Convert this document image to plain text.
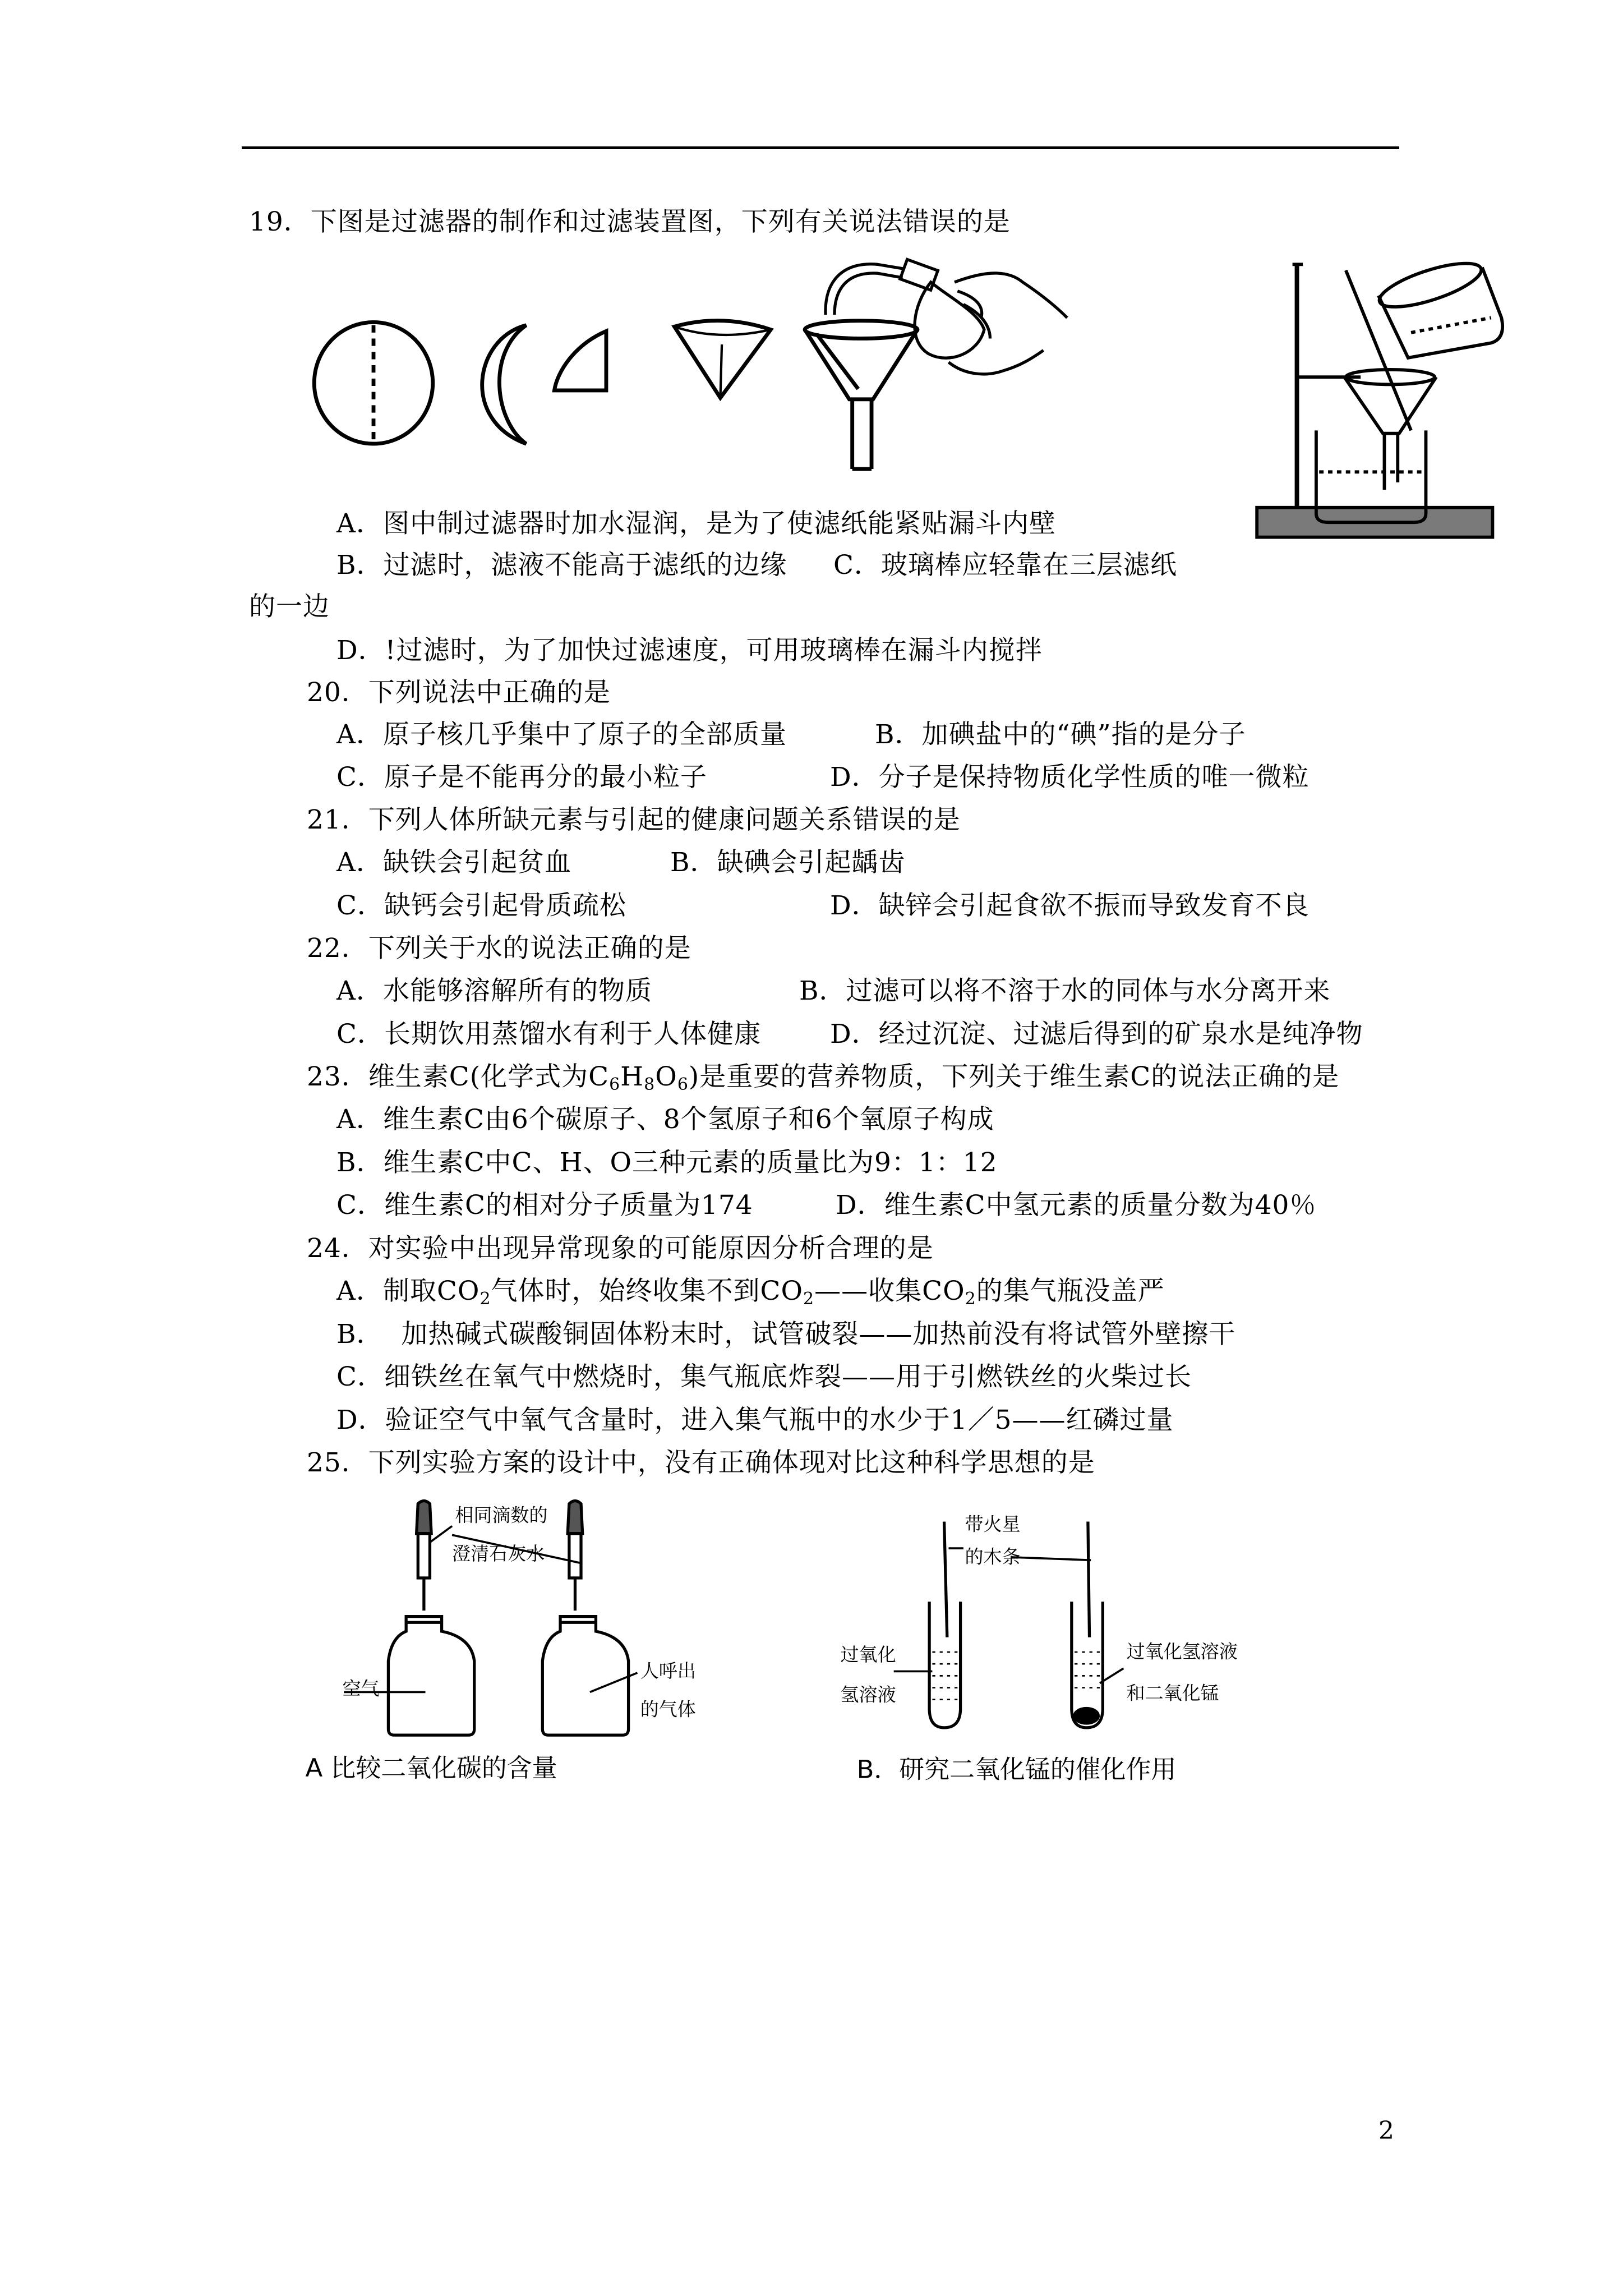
19．下图是过滤器的制作和过滤装置图，下列有关说法错误的是
A．图中制过滤器时加水湿润，是为了使滤纸能紧贴漏斗内壁
B．过滤时，滤液不能高于滤纸的边缘 C．玻璃棒应轻靠在三层滤纸
的一边
D．!过滤时，为了加快过滤速度，可用玻璃棒在漏斗内搅拌
20．下列说法中正确的是
A．原子核几乎集中了原子的全部质量	B．加碘盐中的“碘”指的是分子
C．原子是不能再分的最小粒子	D．分子是保持物质化学性质的唯一微粒
21．下列人体所缺元素与引起的健康问题关系错误的是
A．缺铁会引起贫血	B．缺碘会引起龋齿
C．缺钙会引起骨质疏松	D．缺锌会引起食欲不振而导致发育不良
22．下列关于水的说法正确的是
A．水能够溶解所有的物质	B．过滤可以将不溶于水的同体与水分离开来
C．长期饮用蒸馏水有利于人体健康	D．经过沉淀、过滤后得到的矿泉水是纯净物
23．维生素C(化学式为$C_6H_8O_6$)是重要的营养物质，下列关于维生素C的说法正确的是
A．维生素C由6个碳原子、8个氢原子和6个氧原子构成
B．维生素C中C、H、O三种元素的质量比为9：1：12
C．维生素C的相对分子质量为174	D．维生素C中氢元素的质量分数为40％
24．对实验中出现异常现象的可能原因分析合理的是
A．制取$CO_2$气体时，始终收集不到$CO_2——$收集$CO_2$的集气瓶没盖严
B．  加热碱式碳酸铜固体粉末时，试管破裂——加热前没有将试管外壁擦干
C．细铁丝在氧气中燃烧时，集气瓶底炸裂——用于引燃铁丝的火柴过长
D．验证空气中氧气含量时，进入集气瓶中的水少于1／5——红磷过量
25．下列实验方案的设计中，没有正确体现对比这种科学思想的是
相同滴数的
澄清石灰水
空气
人呼出
的气体
A 比较二氧化碳的含量
带火星
的木条
过氧化
氢溶液
过氧化氢溶液
和二氧化锰
B．研究二氧化锰的催化作用
2
